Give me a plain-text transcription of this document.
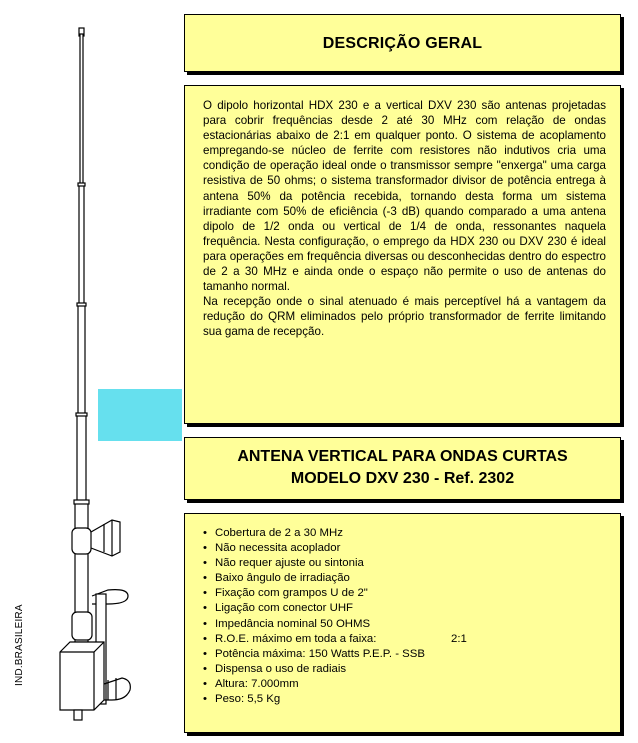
IND.BRASILEIRA
DESCRIÇÃO GERAL

O dipolo horizontal HDX 230 e a vertical DXV 230 são antenas projetadas para cobrir frequências desde 2 até 30 MHz com relação de ondas estacionárias abaixo de 2:1 em qualquer ponto. O sistema de acoplamento empregando-se núcleo de ferrite com resistores não indutivos cria uma condição de operação ideal onde o transmissor sempre "enxerga" uma carga resistiva de 50 ohms; o sistema transformador divisor de potência entrega à antena 50% da potência recebida, tornando desta forma um sistema irradiante com 50% de eficiência (-3 dB) quando comparado a uma antena dipolo de 1/2 onda ou vertical de 1/4 de onda, ressonantes naquela frequência. Nesta configuração, o emprego da HDX 230 ou DXV 230 é ideal para operações em frequência diversas ou desconhecidas dentro do espectro de 2 a 30 MHz e ainda onde o espaço não permite o uso de antenas do tamanho normal.

Na recepção onde o sinal atenuado é mais perceptível há a vantagem da redução do QRM eliminados pelo próprio transformador de ferrite limitando sua gama de recepção.

ANTENA VERTICAL PARA ONDAS CURTAS
MODELO DXV 230 - Ref. 2302
• Cobertura de 2 a 30 MHz
• Não necessita acoplador
• Não requer ajuste ou sintonia
• Baixo ângulo de irradiação
• Fixação com grampos U de 2"
• Ligação com conector UHF
• Impedância nominal 50 OHMS
• R.O.E. máximo em toda a faixa:	2:1
• Potência máxima: 150 Watts P.E.P. - SSB
• Dispensa o uso de radiais
• Altura: 7.000mm
• Peso: 5,5 Kg
